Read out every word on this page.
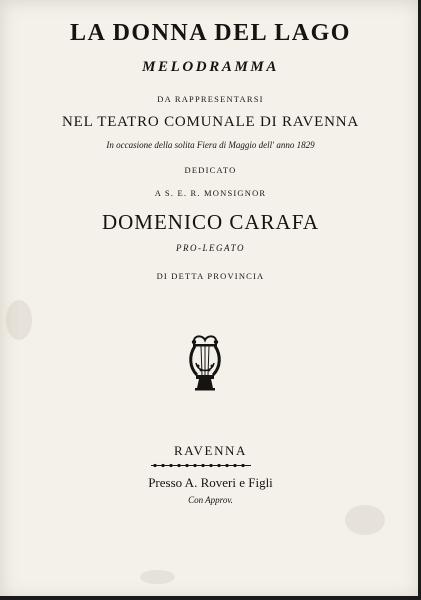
LA DONNA DEL LAGO
MELODRAMMA
DA RAPPRESENTARSI
NEL TEATRO COMUNALE DI RAVENNA
In occasione della solita Fiera di Maggio dell' anno 1829
DEDICATO
A S. E. R. MONSIGNOR
DOMENICO CARAFA
PRO-LEGATO
DI DETTA PROVINCIA
RAVENNA
Presso A. Roveri e Figli
Con Approv.
